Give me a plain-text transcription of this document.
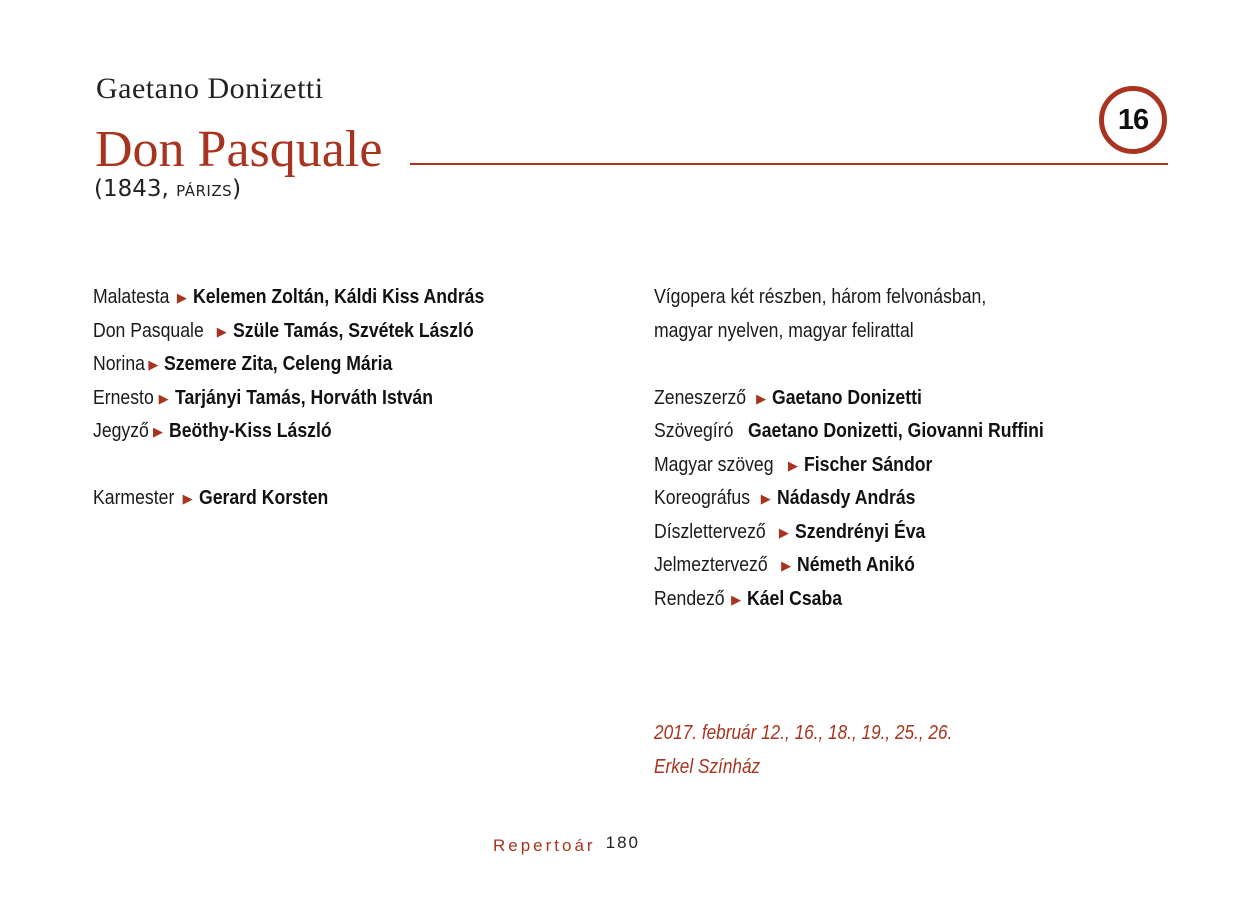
Gaetano Donizetti
Don Pasquale
(1843, PÁRIZS)
16
Malatesta ▶ Kelemen Zoltán, Káldi Kiss András
Don Pasquale ▶ Szüle Tamás, Szvétek László
Norina ▶ Szemere Zita, Celeng Mária
Ernesto ▶ Tarjányi Tamás, Horváth István
Jegyző ▶ Beöthy-Kiss László
Karmester ▶ Gerard Korsten
Vígopera két részben, három felvonásban,
magyar nyelven, magyar felirattal
Zeneszerző ▶ Gaetano Donizetti
Szövegíró Gaetano Donizetti, Giovanni Ruffini
Magyar szöveg ▶ Fischer Sándor
Koreográfus ▶ Nádasdy András
Díszlettervező ▶ Szendrényi Éva
Jelmeztervező ▶ Németh Anikó
Rendező ▶ Káel Csaba
2017. február 12., 16., 18., 19., 25., 26.
Erkel Színház
Repertoár 180
